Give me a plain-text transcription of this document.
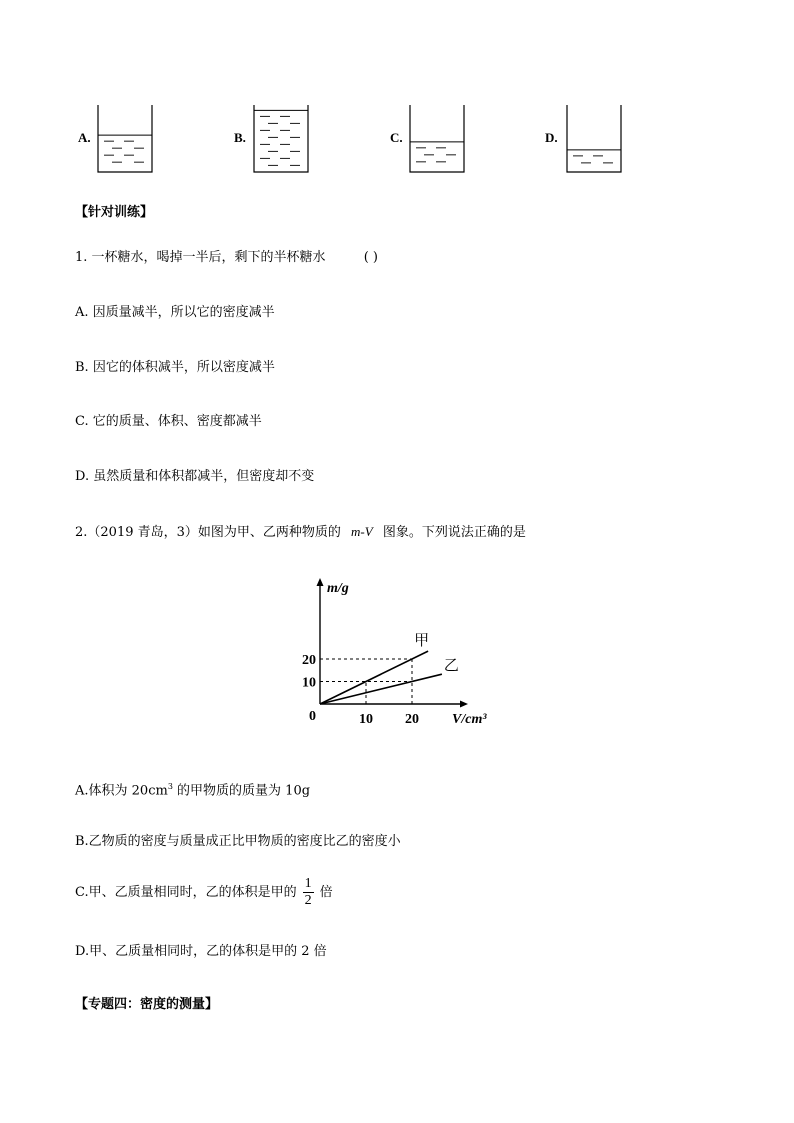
A.	B.	C.	D.
【针对训练】
1. 一杯糖水，喝掉一半后，剩下的半杯糖水	( )
A. 因质量减半，所以它的密度减半
B. 因它的体积减半，所以密度减半
C. 它的质量、体积、密度都减半
D. 虽然质量和体积都减半，但密度却不变
2.（2019 青岛，3）如图为甲、乙两种物质的 m-V 图象。下列说法正确的是
甲
乙
10
20
10 20
0
m/g
V/cm³
A.体积为 $20cm^3$ 的甲物质的质量为 10g
B.乙物质的密度与质量成正比甲物质的密度比乙的密度小
C.甲、乙质量相同时，乙的体积是甲的 $\frac{1}{2}$ 倍
D.甲、乙质量相同时，乙的体积是甲的 2 倍
【专题四：密度的测量】
